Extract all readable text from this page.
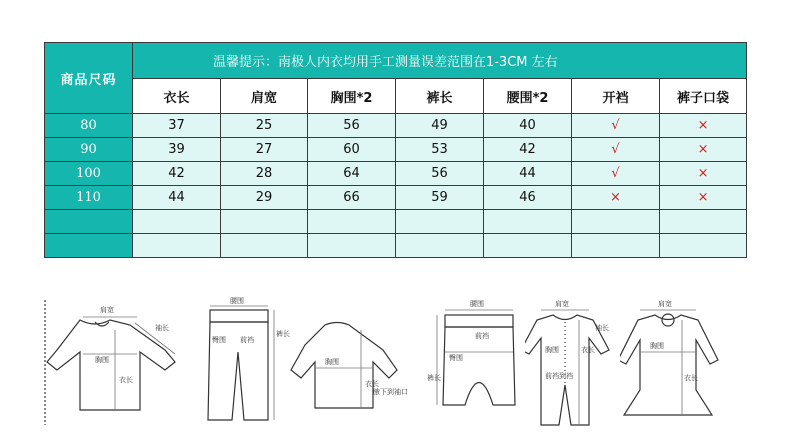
商品尺码	温馨提示：南极人内衣均用手工测量误差范围在1-3CM 左右						
	衣长	肩宽	胸围*2	裤长	腰围*2	开裆	裤子口袋
80	37	25	56	49	40	√	×
90	39	27	60	53	42	√	×
100	42	28	64	56	44	√	×
110	44	29	66	59	46	×	×

肩宽
袖长
胸围
衣长
腰围
臀围 前裆
裤长
胸围
衣长
腋下到袖口
腰围
前裆
臀围
裤长
肩宽
胸围	衣长
袖长
前裆到裆
肩宽
胸围
衣长
